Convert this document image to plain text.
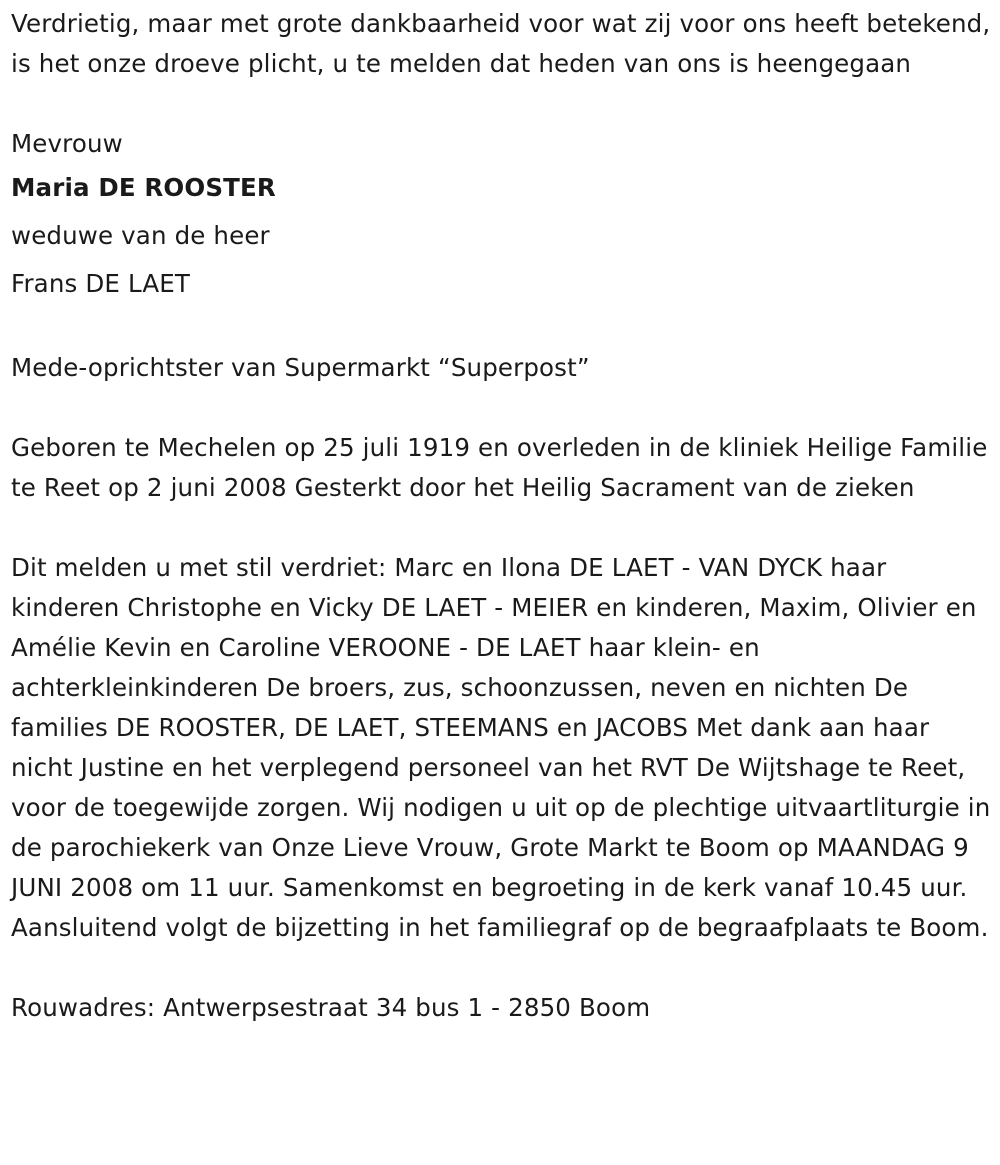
Verdrietig, maar met grote dankbaarheid voor wat zij voor ons heeft betekend, is het onze droeve plicht, u te melden dat heden van ons is heengegaan

Mevrouw

Maria DE ROOSTER

weduwe van de heer

Frans DE LAET

Mede-oprichtster van Supermarkt “Superpost”

Geboren te Mechelen op 25 juli 1919 en overleden in de kliniek Heilige Familie te Reet op 2 juni 2008 Gesterkt door het Heilig Sacrament van de zieken

Dit melden u met stil verdriet: Marc en Ilona DE LAET - VAN DYCK haar kinderen Christophe en Vicky DE LAET - MEIER en kinderen, Maxim, Olivier en Amélie Kevin en Caroline VEROONE - DE LAET haar klein- en achterkleinkinderen De broers, zus, schoonzussen, neven en nichten De families DE ROOSTER, DE LAET, STEEMANS en JACOBS Met dank aan haar nicht Justine en het verplegend personeel van het RVT De Wijtshage te Reet, voor de toegewijde zorgen. Wij nodigen u uit op de plechtige uitvaartliturgie in de parochiekerk van Onze Lieve Vrouw, Grote Markt te Boom op MAANDAG 9 JUNI 2008 om 11 uur. Samenkomst en begroeting in de kerk vanaf 10.45 uur. Aansluitend volgt de bijzetting in het familiegraf op de begraafplaats te Boom.

Rouwadres: Antwerpsestraat 34 bus 1 - 2850 Boom
